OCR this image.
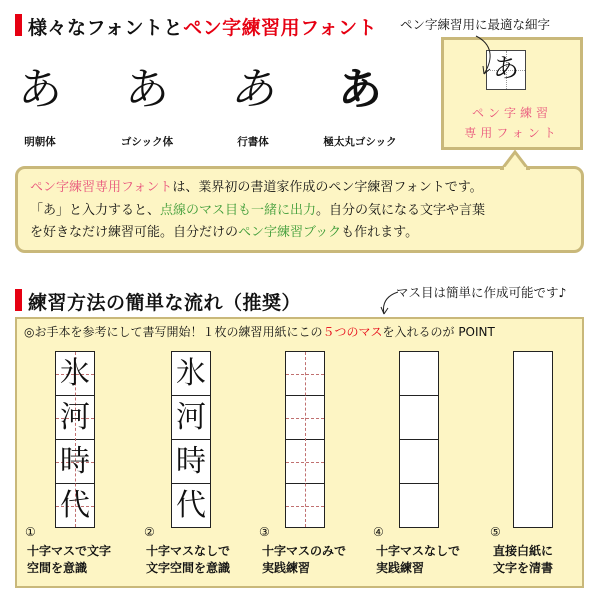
様々なフォントとペン字練習用フォント
あ あ あ あ
明朝体	ゴシック体	行書体	極太丸ゴシック
ペン字練習用に最適な細字
あ
ペン字練習
専用フォント
ペン字練習専用フォントは、業界初の書道家作成のペン字練習フォントです。
「あ」と入力すると、点線のマス目も一緒に出力。自分の気になる文字や言葉
を好きなだけ練習可能。自分だけのペン字練習ブックも作れます。
練習方法の簡単な流れ（推奨）	マス目は簡単に作成可能です♪
◎お手本を参考にして書写開始！１枚の練習用紙にこの５つのマスを入れるのが POINT
氷
河
時
代
氷
河
時
代
①
十字マスで文字
空間を意識
②
十字マスなしで
文字空間を意識
③
十字マスのみで
実践練習
④
十字マスなしで
実践練習
⑤
直接白紙に
文字を清書
